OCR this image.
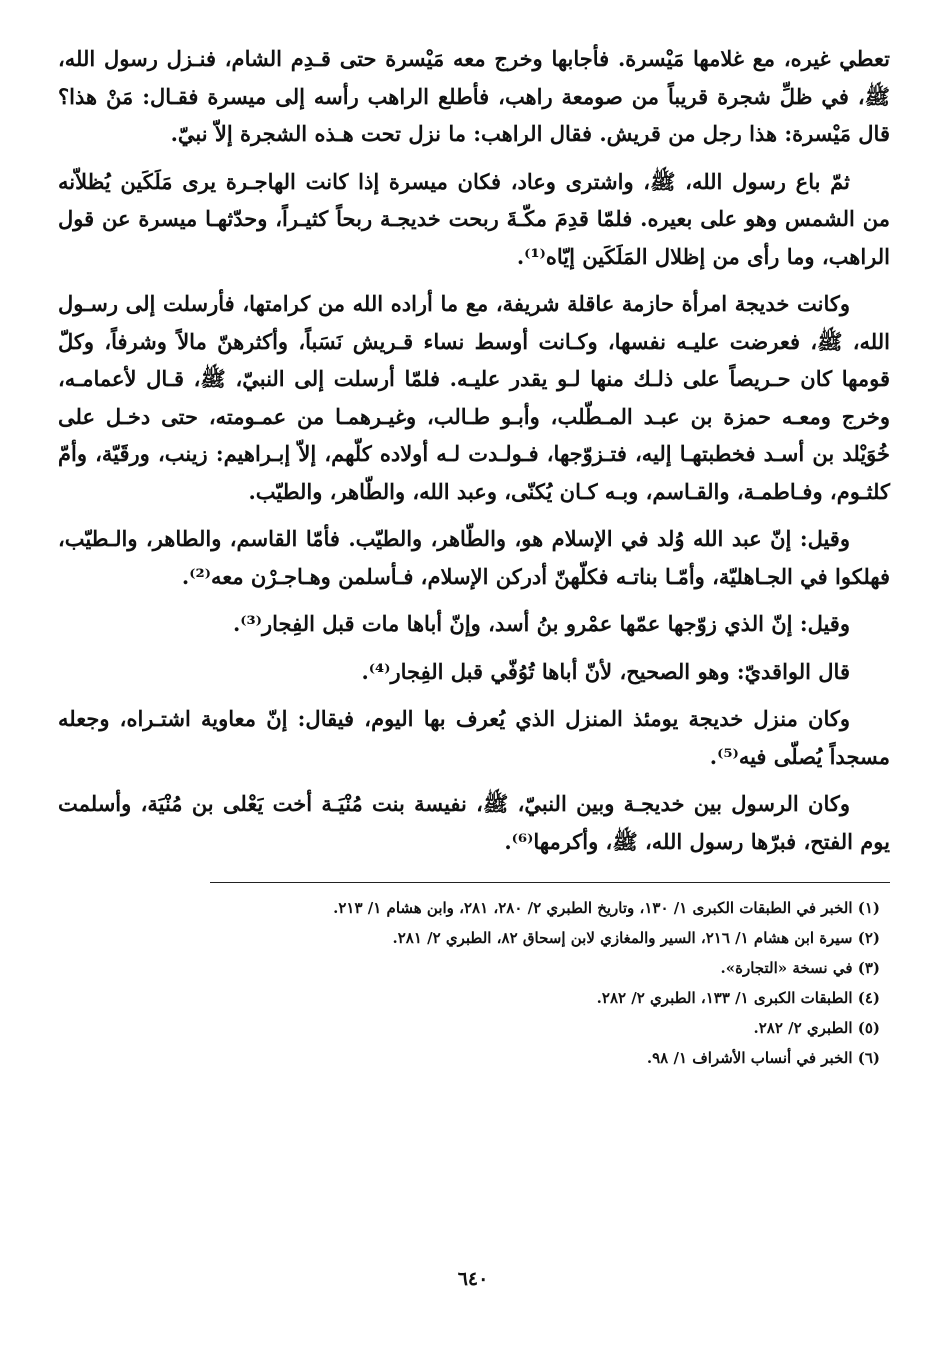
تعطي غيره، مع غلامها مَيْسرة. فأجابها وخرج معه مَيْسرة حتى قـدِم الشام، فنـزل رسول الله، ﷺ، في ظلِّ شجرة قريباً من صومعة راهب، فأطلع الراهب رأسه إلى ميسرة فقـال: مَنْ هذا؟ قال مَيْسرة: هذا رجل من قريش. فقال الراهب: ما نزل تحت هـذه الشجرة إلاّ نبيّ.

ثمّ باع رسول الله، ﷺ، واشترى وعاد، فكان ميسرة إذا كانت الهاجـرة يرى مَلَكَين يُظلاّنه من الشمس وهو على بعيره. فلمّا قدِمَ مكّـةَ ربحت خديجـة ربحاً كثيـراً، وحدّثهـا ميسرة عن قول الراهب، وما رأى من إظلال المَلَكَين إيّاه⁽¹⁾.

وكانت خديجة امرأة حازمة عاقلة شريفة، مع ما أراده الله من كرامتها، فأرسلت إلى رسـول الله، ﷺ، فعرضت عليـه نفسها، وكـانت أوسط نساء قـريش نَسَباً، وأكثرهنّ مالاً وشرفاً، وكلّ قومها كان حـريصاً على ذلـك منها لـو يقدر عليـه. فلمّا أرسلت إلى النبيّ، ﷺ، قـال لأعمامـه، وخرج ومعـه حمزة بن عبـد المـطّلب، وأبـو طـالب، وغيـرهمـا من عمـومته، حتى دخـل على خُوَيْلد بن أسـد فخطبتهـا إليه، فتـزوّجها، فـولـدت لـه أولاده كلّهم، إلاّ إبـراهيم: زينب، ورقَيّة، وأمّ كلثـوم، وفـاطمـة، والقـاسم، وبـه كـان يُكنّى، وعبد الله، والطّاهر، والطيّب.

وقيل: إنّ عبد الله وُلد في الإسلام هو، والطّاهر، والطيّب. فأمّا القاسم، والطاهر، والـطيّب، فهلكوا في الجـاهليّة، وأمّـا بناتـه فكلّهنّ أدركن الإسلام، فـأسلمن وهـاجـرْن معه⁽²⁾.

وقيل: إنّ الذي زوّجها عمّها عمْرو بنُ أسد، وإنّ أباها مات قبل الفِجار⁽³⁾.

قال الواقديّ: وهو الصحيح، لأنّ أباها تُوُفّي قبل الفِجار⁽⁴⁾.

وكان منزل خديجة يومئذ المنزل الذي يُعرف بها اليوم، فيقال: إنّ معاوية اشتـراه، وجعله مسجداً يُصلّى فيه⁽⁵⁾.

وكان الرسول بين خديجـة وبين النبيّ، ﷺ، نفيسة بنت مُنْيَـة أخت يَعْلى بن مُنْيَة، وأسلمت يوم الفتح، فبرّها رسول الله، ﷺ، وأكرمها⁽⁶⁾.

(١) الخبر في الطبقات الكبرى ١/ ١٣٠، وتاريخ الطبري ٢/ ٢٨٠، ٢٨١، وابن هشام ١/ ٢١٣.

(٢) سيرة ابن هشام ١/ ٢١٦، السير والمغازي لابن إسحاق ٨٢، الطبري ٢/ ٢٨١.

(٣) في نسخة «التجارة».

(٤) الطبقات الكبرى ١/ ١٣٣، الطبري ٢/ ٢٨٢.

(٥) الطبري ٢/ ٢٨٢.

(٦) الخبر في أنساب الأشراف ١/ ٩٨.

٦٤٠
